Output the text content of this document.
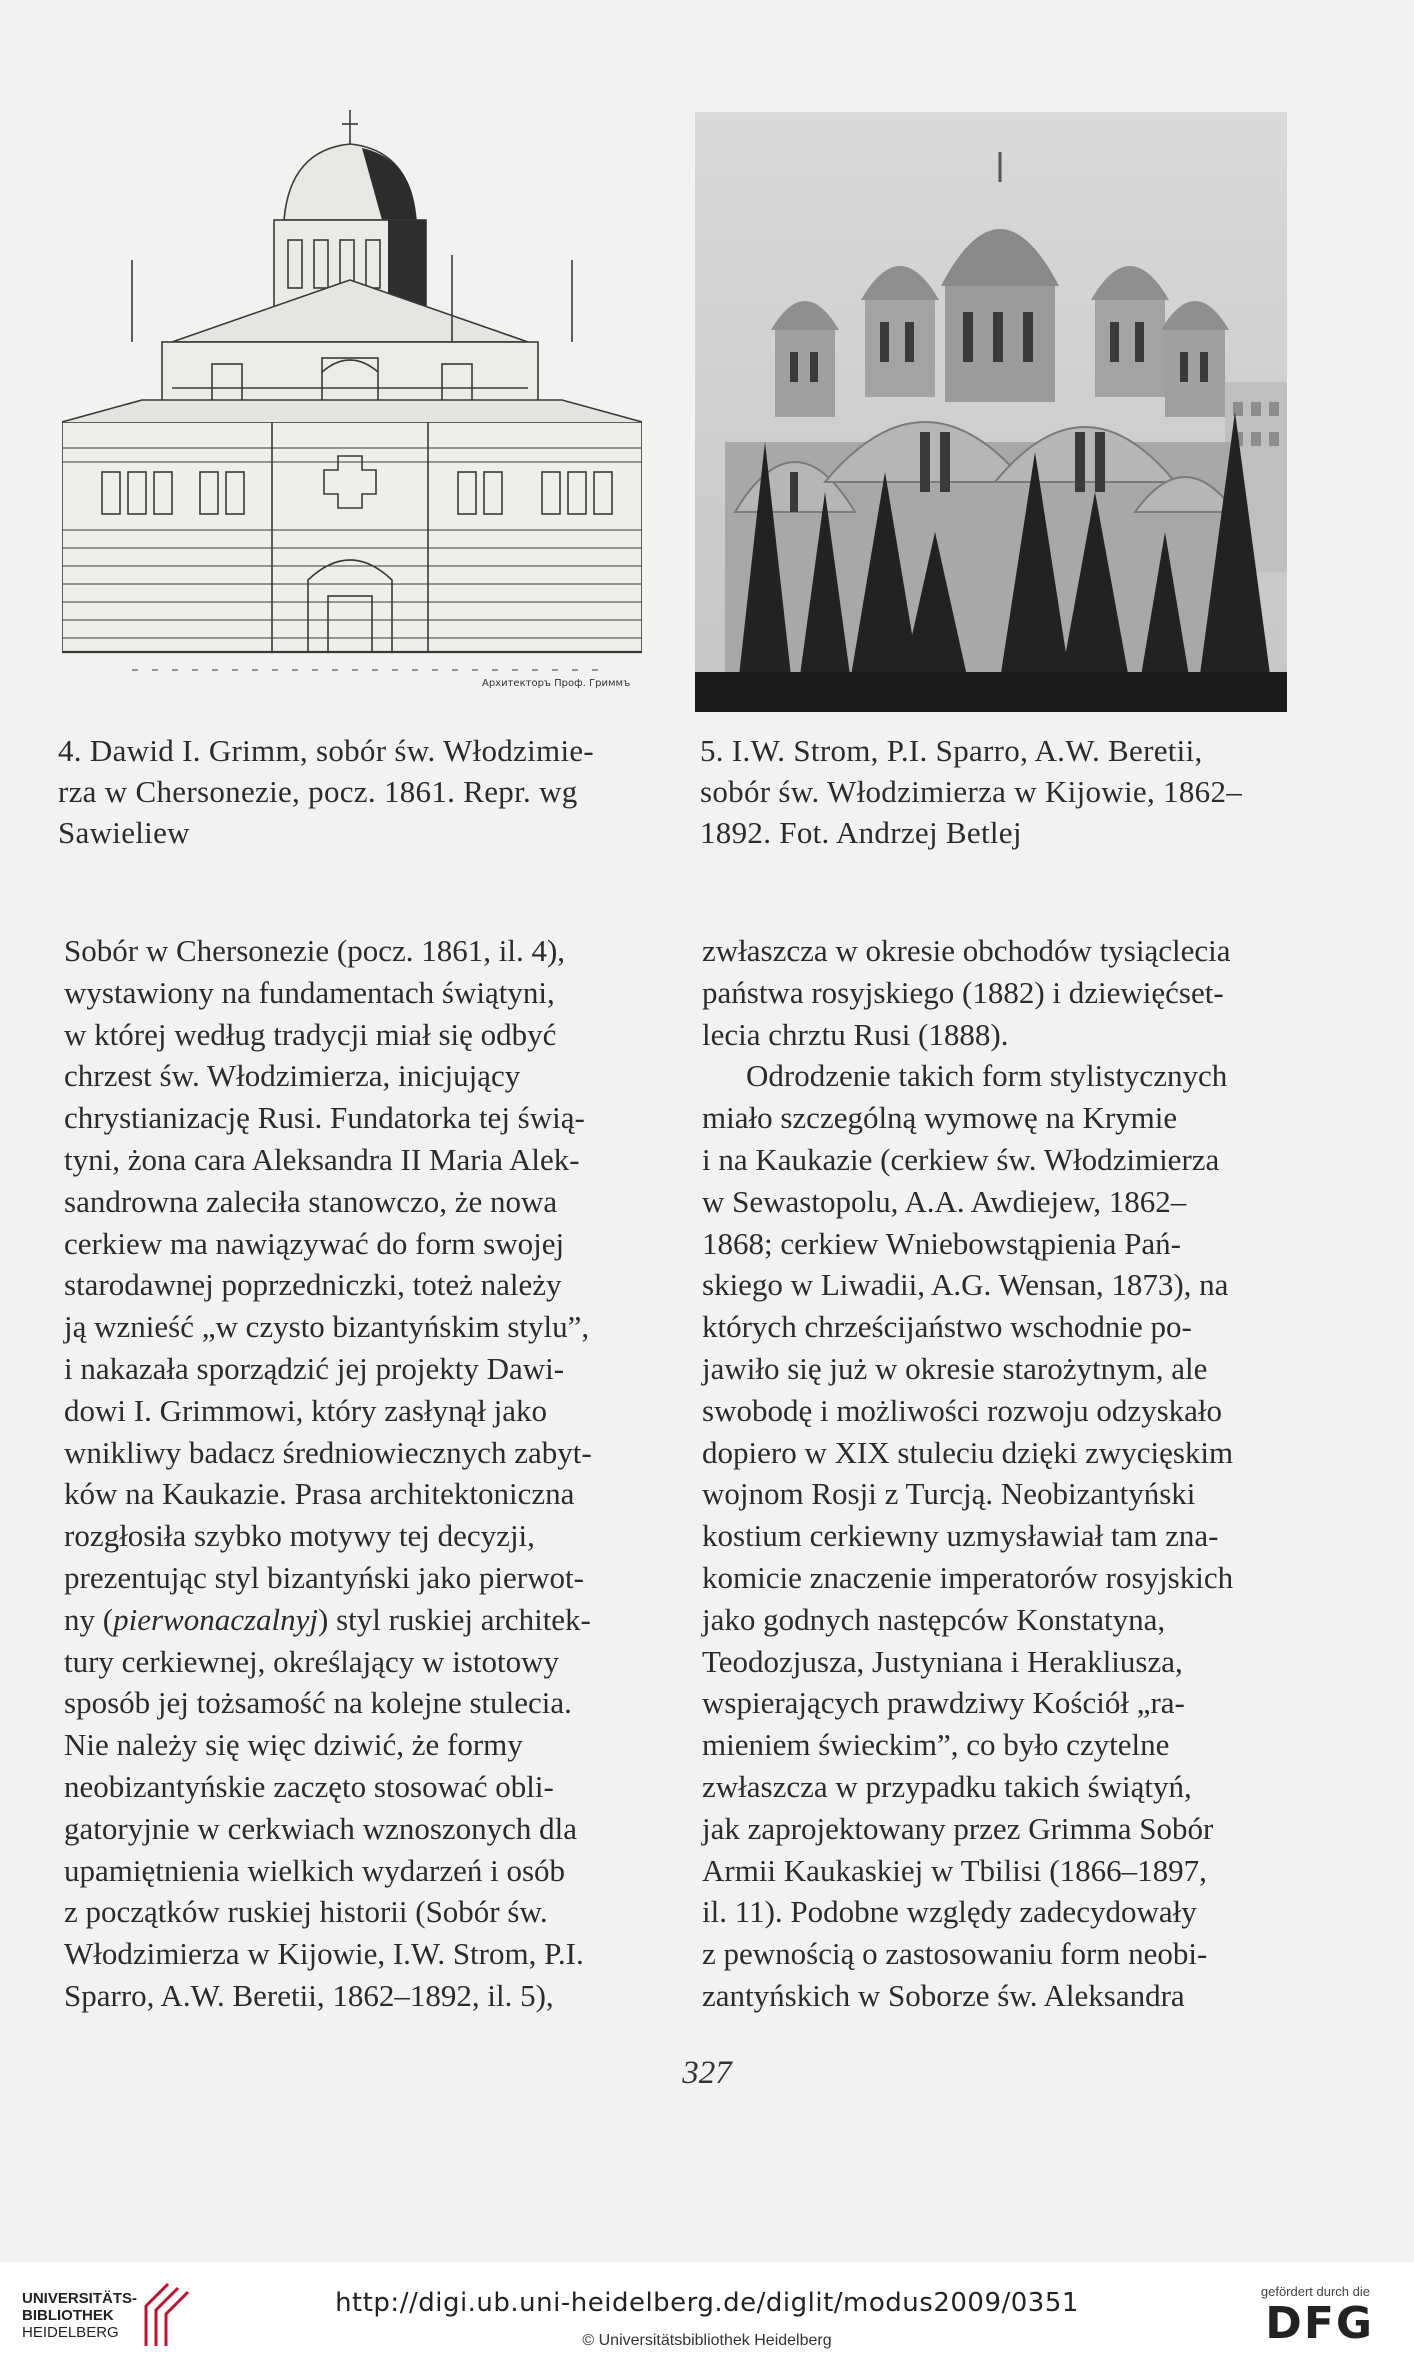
Архитекторъ Проф. Гриммъ
4. Dawid I. Grimm, sobór św. Włodzimie-
rza w Chersonezie, pocz. 1861. Repr. wg
Sawieliew
5. I.W. Strom, P.I. Sparro, A.W. Beretii,
sobór św. Włodzimierza w Kijowie, 1862–
1892. Fot. Andrzej Betlej
Sobór w Chersonezie (pocz. 1861, il. 4),
wystawiony na fundamentach świątyni,
w której według tradycji miał się odbyć
chrzest św. Włodzimierza, inicjujący
chrystianizację Rusi. Fundatorka tej świą-
tyni, żona cara Aleksandra II Maria Alek-
sandrowna zaleciła stanowczo, że nowa
cerkiew ma nawiązywać do form swojej
starodawnej poprzedniczki, toteż należy
ją wznieść „w czysto bizantyńskim stylu”,
i nakazała sporządzić jej projekty Dawi-
dowi I. Grimmowi, który zasłynął jako
wnikliwy badacz średniowiecznych zabyt-
ków na Kaukazie. Prasa architektoniczna
rozgłosiła szybko motywy tej decyzji,
prezentując styl bizantyński jako pierwot-
ny (pierwonaczalnyj) styl ruskiej architek-
tury cerkiewnej, określający w istotowy
sposób jej tożsamość na kolejne stulecia.
Nie należy się więc dziwić, że formy
neobizantyńskie zaczęto stosować obli-
gatoryjnie w cerkwiach wznoszonych dla
upamiętnienia wielkich wydarzeń i osób
z początków ruskiej historii (Sobór św.
Włodzimierza w Kijowie, I.W. Strom, P.I.
Sparro, A.W. Beretii, 1862–1892, il. 5),
zwłaszcza w okresie obchodów tysiąclecia
państwa rosyjskiego (1882) i dziewięćset-
lecia chrztu Rusi (1888).
Odrodzenie takich form stylistycznych
miało szczególną wymowę na Krymie
i na Kaukazie (cerkiew św. Włodzimierza
w Sewastopolu, A.A. Awdiejew, 1862–
1868; cerkiew Wniebowstąpienia Pań-
skiego w Liwadii, A.G. Wensan, 1873), na
których chrześcijaństwo wschodnie po-
jawiło się już w okresie starożytnym, ale
swobodę i możliwości rozwoju odzyskało
dopiero w XIX stuleciu dzięki zwycięskim
wojnom Rosji z Turcją. Neobizantyński
kostium cerkiewny uzmysławiał tam zna-
komicie znaczenie imperatorów rosyjskich
jako godnych następców Konstatyna,
Teodozjusza, Justyniana i Herakliusza,
wspierających prawdziwy Kościół „ra-
mieniem świeckim”, co było czytelne
zwłaszcza w przypadku takich świątyń,
jak zaprojektowany przez Grimma Sobór
Armii Kaukaskiej w Tbilisi (1866–1897,
il. 11). Podobne względy zadecydowały
z pewnością o zastosowaniu form neobi-
zantyńskich w Soborze św. Aleksandra
327
UNIVERSITÄTS-
BIBLIOTHEK
HEIDELBERG
http://digi.ub.uni-heidelberg.de/diglit/modus2009/0351
© Universitätsbibliothek Heidelberg
gefördert durch die
DFG
